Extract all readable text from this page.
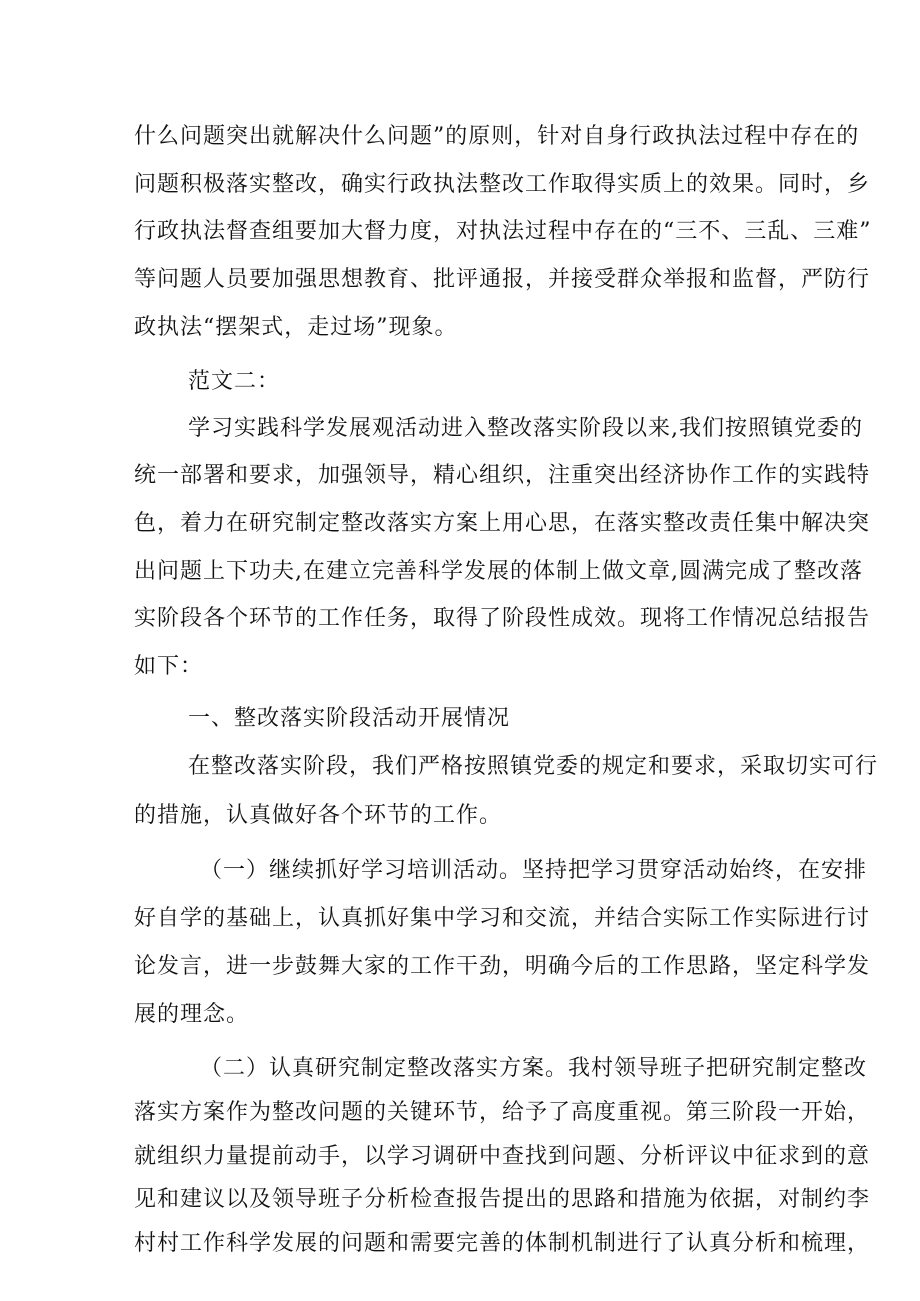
什么问题突出就解决什么问题”的原则，针对自身行政执法过程中存在的
问题积极落实整改，确实行政执法整改工作取得实质上的效果。同时，乡
行政执法督查组要加大督力度，对执法过程中存在的“三不、三乱、三难”
等问题人员要加强思想教育、批评通报，并接受群众举报和监督，严防行
政执法“摆架式，走过场”现象。
范文二：
学习实践科学发展观活动进入整改落实阶段以来,我们按照镇党委的
统一部署和要求，加强领导，精心组织，注重突出经济协作工作的实践特
色，着力在研究制定整改落实方案上用心思，在落实整改责任集中解决突
出问题上下功夫,在建立完善科学发展的体制上做文章,圆满完成了整改落
实阶段各个环节的工作任务，取得了阶段性成效。现将工作情况总结报告
如下：
一、整改落实阶段活动开展情况
在整改落实阶段，我们严格按照镇党委的规定和要求，采取切实可行
的措施，认真做好各个环节的工作。
（一）继续抓好学习培训活动。坚持把学习贯穿活动始终，在安排
好自学的基础上，认真抓好集中学习和交流，并结合实际工作实际进行讨
论发言，进一步鼓舞大家的工作干劲，明确今后的工作思路，坚定科学发
展的理念。
（二）认真研究制定整改落实方案。我村领导班子把研究制定整改
落实方案作为整改问题的关键环节，给予了高度重视。第三阶段一开始，
就组织力量提前动手，以学习调研中查找到问题、分析评议中征求到的意
见和建议以及领导班子分析检查报告提出的思路和措施为依据，对制约李
村村工作科学发展的问题和需要完善的体制机制进行了认真分析和梳理，
